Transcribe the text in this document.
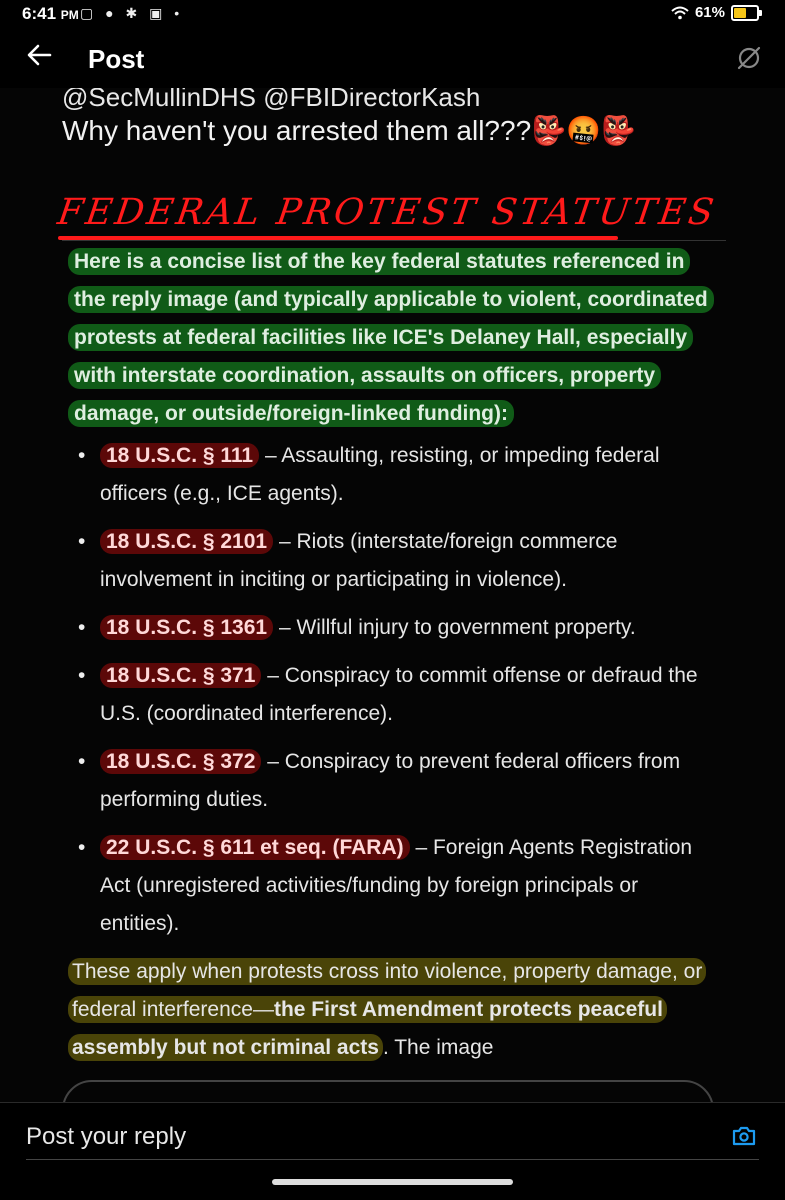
6:41 PM ▢ ● ✱ ▣ •	61%
Post
@SecMullinDHS @FBIDirectorKash
Why haven't you arrested them all???👺🤬👺
FEDERAL PROTEST STATUTES
Here is a concise list of the key federal statutes referenced in the reply image (and typically applicable to violent, coordinated protests at federal facilities like ICE's Delaney Hall, especially with interstate coordination, assaults on officers, property damage, or outside/foreign-linked funding):
• 18 U.S.C. § 111 – Assaulting, resisting, or impeding federal officers (e.g., ICE agents).
• 18 U.S.C. § 2101 – Riots (interstate/foreign commerce involvement in inciting or participating in violence).
• 18 U.S.C. § 1361 – Willful injury to government property.
• 18 U.S.C. § 371 – Conspiracy to commit offense or defraud the U.S. (coordinated interference).
• 18 U.S.C. § 372 – Conspiracy to prevent federal officers from performing duties.
• 22 U.S.C. § 611 et seq. (FARA) – Foreign Agents Registration Act (unregistered activities/funding by foreign principals or entities).
These apply when protests cross into violence, property damage, or federal interference—the First Amendment protects peaceful assembly but not criminal acts . The image
Post your reply
